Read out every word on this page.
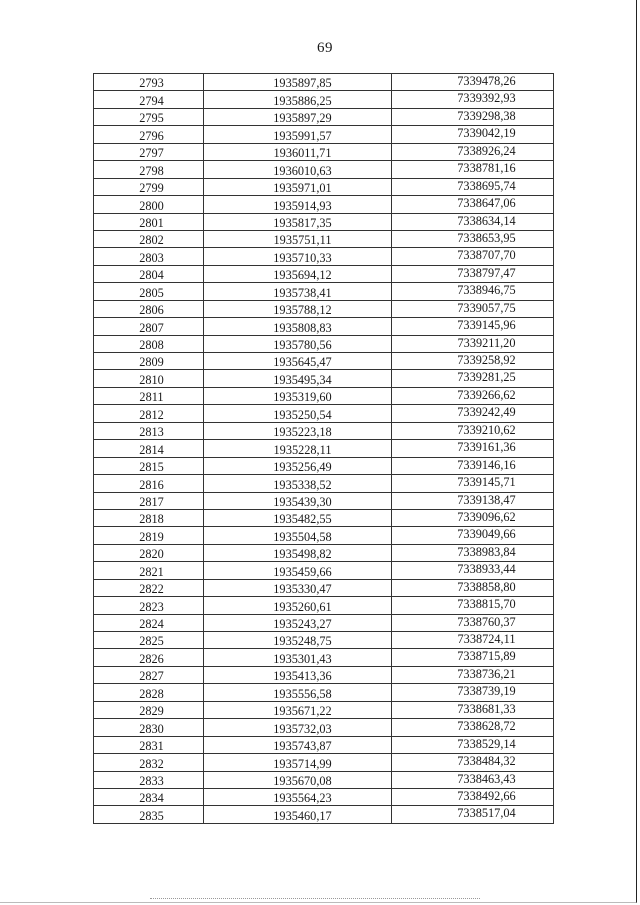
69
2793	1935897,85	7339478,26
2794	1935886,25	7339392,93
2795	1935897,29	7339298,38
2796	1935991,57	7339042,19
2797	1936011,71	7338926,24
2798	1936010,63	7338781,16
2799	1935971,01	7338695,74
2800	1935914,93	7338647,06
2801	1935817,35	7338634,14
2802	1935751,11	7338653,95
2803	1935710,33	7338707,70
2804	1935694,12	7338797,47
2805	1935738,41	7338946,75
2806	1935788,12	7339057,75
2807	1935808,83	7339145,96
2808	1935780,56	7339211,20
2809	1935645,47	7339258,92
2810	1935495,34	7339281,25
2811	1935319,60	7339266,62
2812	1935250,54	7339242,49
2813	1935223,18	7339210,62
2814	1935228,11	7339161,36
2815	1935256,49	7339146,16
2816	1935338,52	7339145,71
2817	1935439,30	7339138,47
2818	1935482,55	7339096,62
2819	1935504,58	7339049,66
2820	1935498,82	7338983,84
2821	1935459,66	7338933,44
2822	1935330,47	7338858,80
2823	1935260,61	7338815,70
2824	1935243,27	7338760,37
2825	1935248,75	7338724,11
2826	1935301,43	7338715,89
2827	1935413,36	7338736,21
2828	1935556,58	7338739,19
2829	1935671,22	7338681,33
2830	1935732,03	7338628,72
2831	1935743,87	7338529,14
2832	1935714,99	7338484,32
2833	1935670,08	7338463,43
2834	1935564,23	7338492,66
2835	1935460,17	7338517,04
